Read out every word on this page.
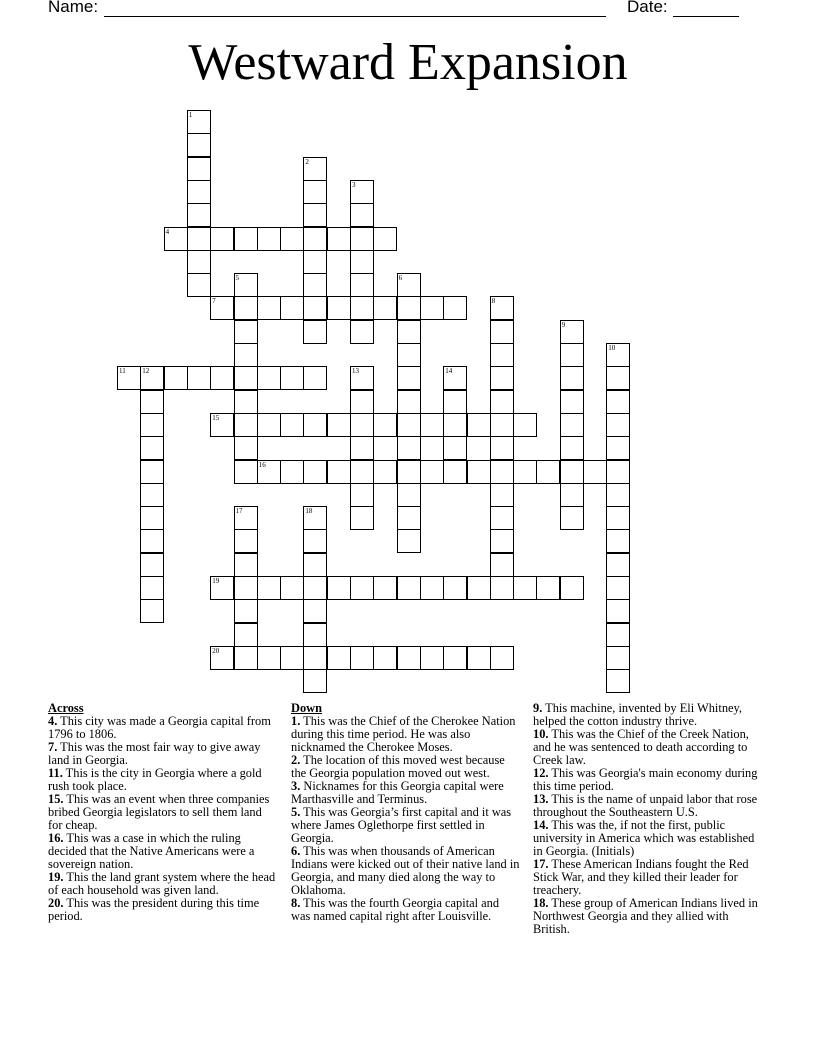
Name:	Date:
Westward Expansion
1
2
3
4
5	6
7	8
9
10
11 12	13	14
15
16
17	18
19
20
Across
4. This city was made a Georgia capital from 1796 to 1806.
7. This was the most fair way to give away land in Georgia.
11. This is the city in Georgia where a gold rush took place.
15. This was an event when three companies bribed Georgia legislators to sell them land for cheap.
16. This was a case in which the ruling decided that the Native Americans were a sovereign nation.
19. This the land grant system where the head of each household was given land.
20. This was the president during this time period.
Down
1. This was the Chief of the Cherokee Nation during this time period. He was also nicknamed the Cherokee Moses.
2. The location of this moved west because the Georgia population moved out west.
3. Nicknames for this Georgia capital were Marthasville and Terminus.
5. This was Georgia’s first capital and it was where James Oglethorpe first settled in Georgia.
6. This was when thousands of American Indians were kicked out of their native land in Georgia, and many died along the way to Oklahoma.
8. This was the fourth Georgia capital and was named capital right after Louisville.
9. This machine, invented by Eli Whitney, helped the cotton industry thrive.
10. This was the Chief of the Creek Nation, and he was sentenced to death according to Creek law.
12. This was Georgia's main economy during this time period.
13. This is the name of unpaid labor that rose throughout the Southeastern U.S.
14. This was the, if not the first, public university in America which was established in Georgia. (Initials)
17. These American Indians fought the Red Stick War, and they killed their leader for treachery.
18. These group of American Indians lived in Northwest Georgia and they allied with British.
